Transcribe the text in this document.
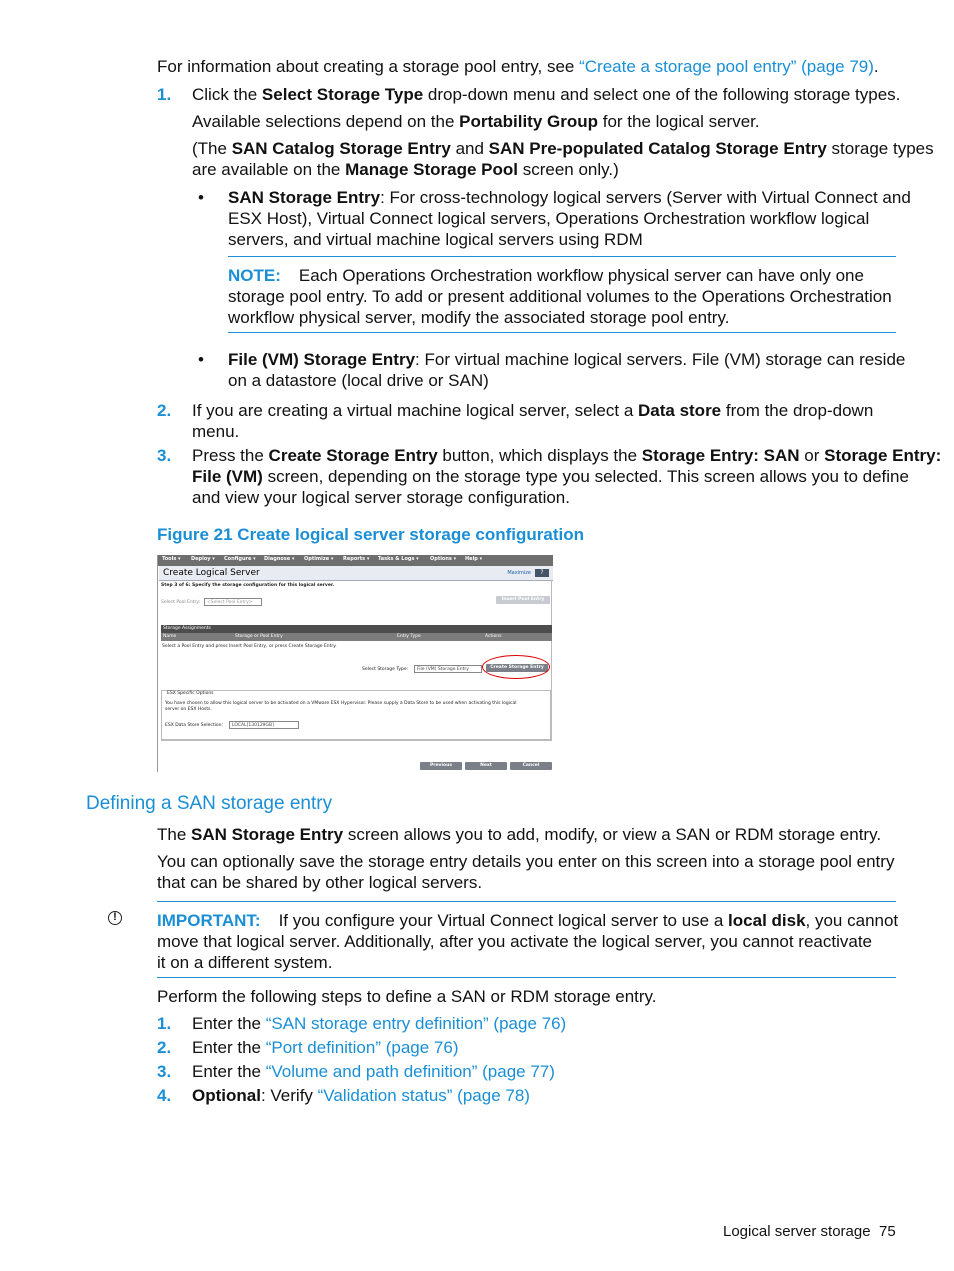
For information about creating a storage pool entry, see “Create a storage pool entry” (page 79).

1. Click the Select Storage Type drop-down menu and select one of the following storage types.

Available selections depend on the Portability Group for the logical server.

(The SAN Catalog Storage Entry and SAN Pre-populated Catalog Storage Entry storage types

are available on the Manage Storage Pool screen only.)

• SAN Storage Entry: For cross-technology logical servers (Server with Virtual Connect and

ESX Host), Virtual Connect logical servers, Operations Orchestration workflow logical

servers, and virtual machine logical servers using RDM

NOTE: Each Operations Orchestration workflow physical server can have only one

storage pool entry. To add or present additional volumes to the Operations Orchestration

workflow physical server, modify the associated storage pool entry.

• File (VM) Storage Entry: For virtual machine logical servers. File (VM) storage can reside

on a datastore (local drive or SAN)

2. If you are creating a virtual machine logical server, select a Data store from the drop-down

menu.

3. Press the Create Storage Entry button, which displays the Storage Entry: SAN or Storage Entry:

File (VM) screen, depending on the storage type you selected. This screen allows you to define

and view your logical server storage configuration.

Figure 21 Create logical server storage configuration
Tools ▾ Deploy ▾ Configure ▾ Diagnose ▾ Optimize ▾ Reports ▾ Tasks & Logs ▾ Options ▾ Help ▾
Create Logical Server	Maximize	?
Step 3 of 6: Specify the storage configuration for this logical server.
Select Pool Entry:	<Select Pool Entry>
Insert Pool Entry
Storage Assignments
Name	Storage or Pool Entry	Entry Type	Actions
Select a Pool Entry and press Insert Pool Entry, or press Create Storage Entry.
Select Storage Type:	File (VM) Storage Entry	Create Storage Entry
ESX Specific Options
You have chosen to allow this logical server to be activated on a VMware ESX Hypervisor. Please supply a Data Store to be used when activating this logical
server on ESX Hosts.
ESX Data Store Selection:	LOCAL[130129GB]
Previous	Next	Cancel
Defining a SAN storage entry

The SAN Storage Entry screen allows you to add, modify, or view a SAN or RDM storage entry.

You can optionally save the storage entry details you enter on this screen into a storage pool entry

that can be shared by other logical servers.

!	IMPORTANT: If you configure your Virtual Connect logical server to use a local disk, you cannot

move that logical server. Additionally, after you activate the logical server, you cannot reactivate

it on a different system.

Perform the following steps to define a SAN or RDM storage entry.

1. Enter the “SAN storage entry definition” (page 76)

2. Enter the “Port definition” (page 76)

3. Enter the “Volume and path definition” (page 77)

4. Optional: Verify “Validation status” (page 78)

Logical server storage 75
